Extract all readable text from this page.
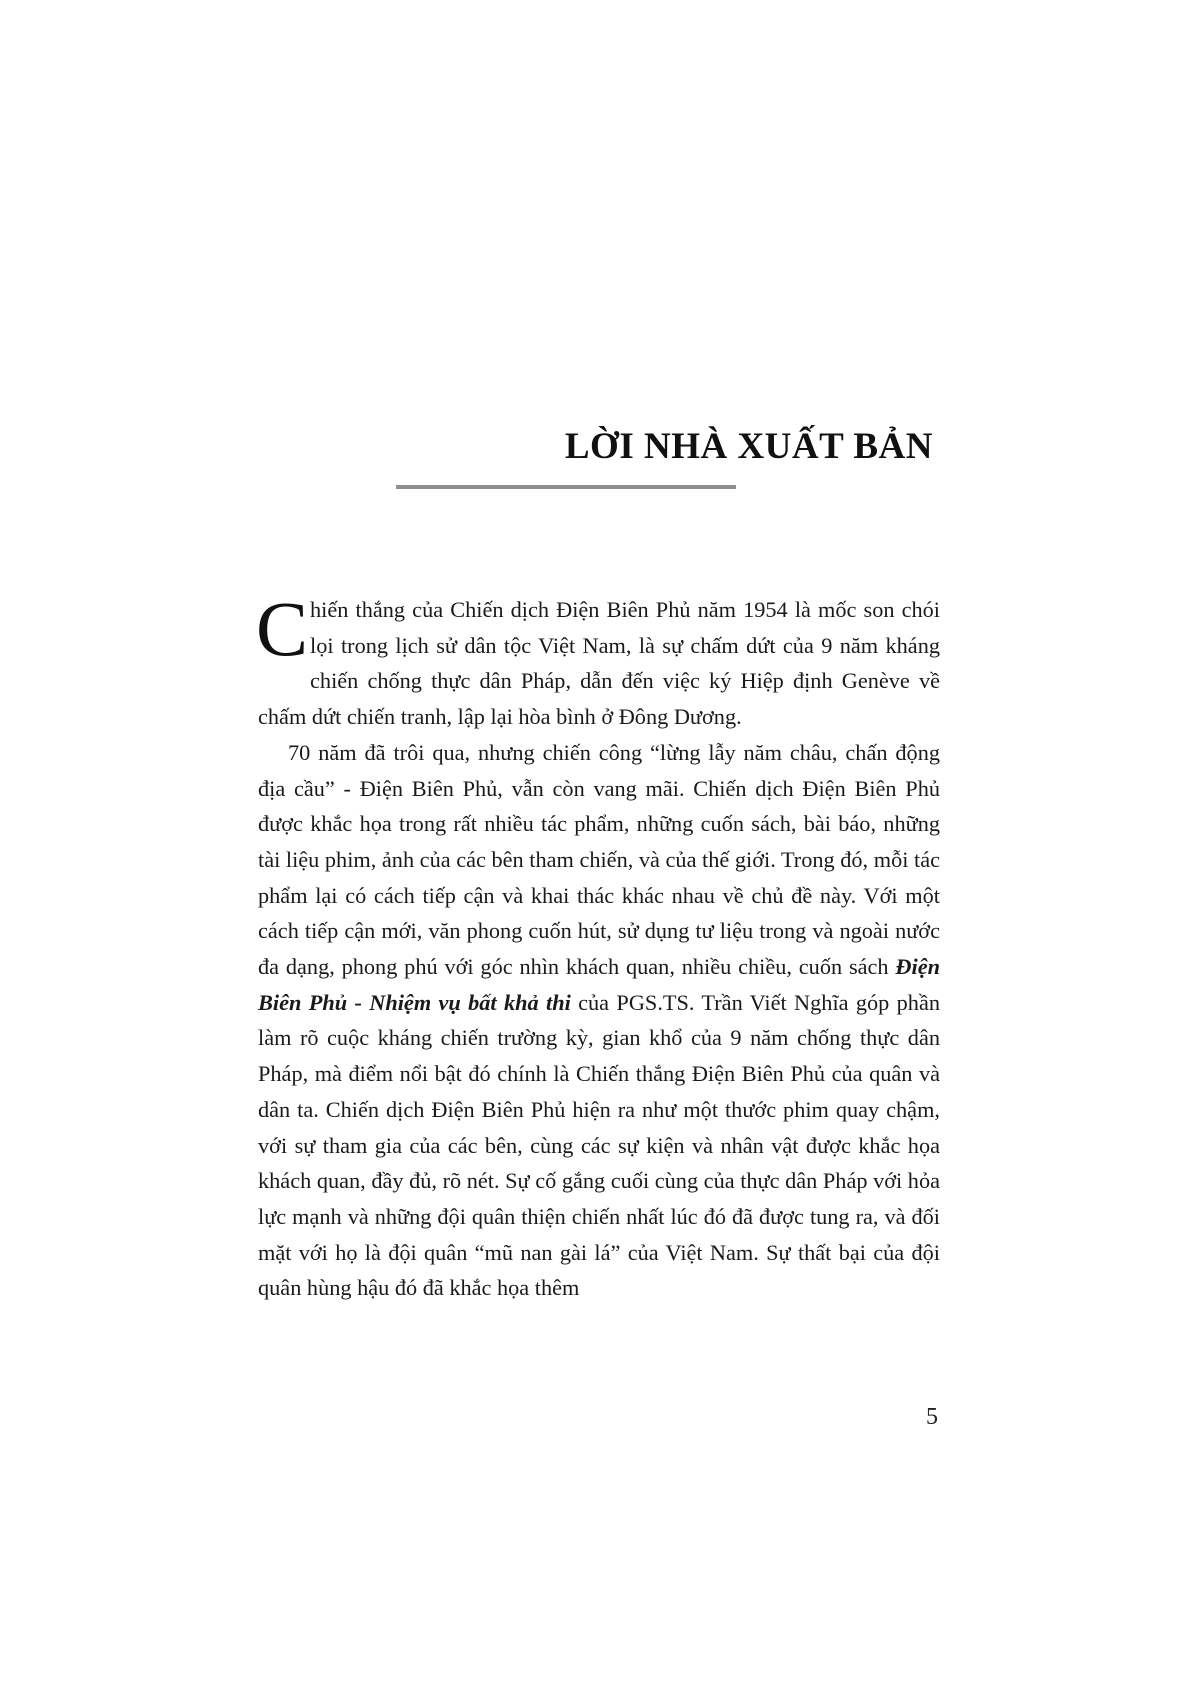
LỜI NHÀ XUẤT BẢN

Chiến thắng của Chiến dịch Điện Biên Phủ năm 1954 là mốc son chói lọi trong lịch sử dân tộc Việt Nam, là sự chấm dứt của 9 năm kháng chiến chống thực dân Pháp, dẫn đến việc ký Hiệp định Genève về chấm dứt chiến tranh, lập lại hòa bình ở Đông Dương.

70 năm đã trôi qua, nhưng chiến công “lừng lẫy năm châu, chấn động địa cầu” - Điện Biên Phủ, vẫn còn vang mãi. Chiến dịch Điện Biên Phủ được khắc họa trong rất nhiều tác phẩm, những cuốn sách, bài báo, những tài liệu phim, ảnh của các bên tham chiến, và của thế giới. Trong đó, mỗi tác phẩm lại có cách tiếp cận và khai thác khác nhau về chủ đề này. Với một cách tiếp cận mới, văn phong cuốn hút, sử dụng tư liệu trong và ngoài nước đa dạng, phong phú với góc nhìn khách quan, nhiều chiều, cuốn sách Điện Biên Phủ - Nhiệm vụ bất khả thi của PGS.TS. Trần Viết Nghĩa góp phần làm rõ cuộc kháng chiến trường kỳ, gian khổ của 9 năm chống thực dân Pháp, mà điểm nổi bật đó chính là Chiến thắng Điện Biên Phủ của quân và dân ta. Chiến dịch Điện Biên Phủ hiện ra như một thước phim quay chậm, với sự tham gia của các bên, cùng các sự kiện và nhân vật được khắc họa khách quan, đầy đủ, rõ nét. Sự cố gắng cuối cùng của thực dân Pháp với hỏa lực mạnh và những đội quân thiện chiến nhất lúc đó đã được tung ra, và đối mặt với họ là đội quân “mũ nan gài lá” của Việt Nam. Sự thất bại của đội quân hùng hậu đó đã khắc họa thêm

5
